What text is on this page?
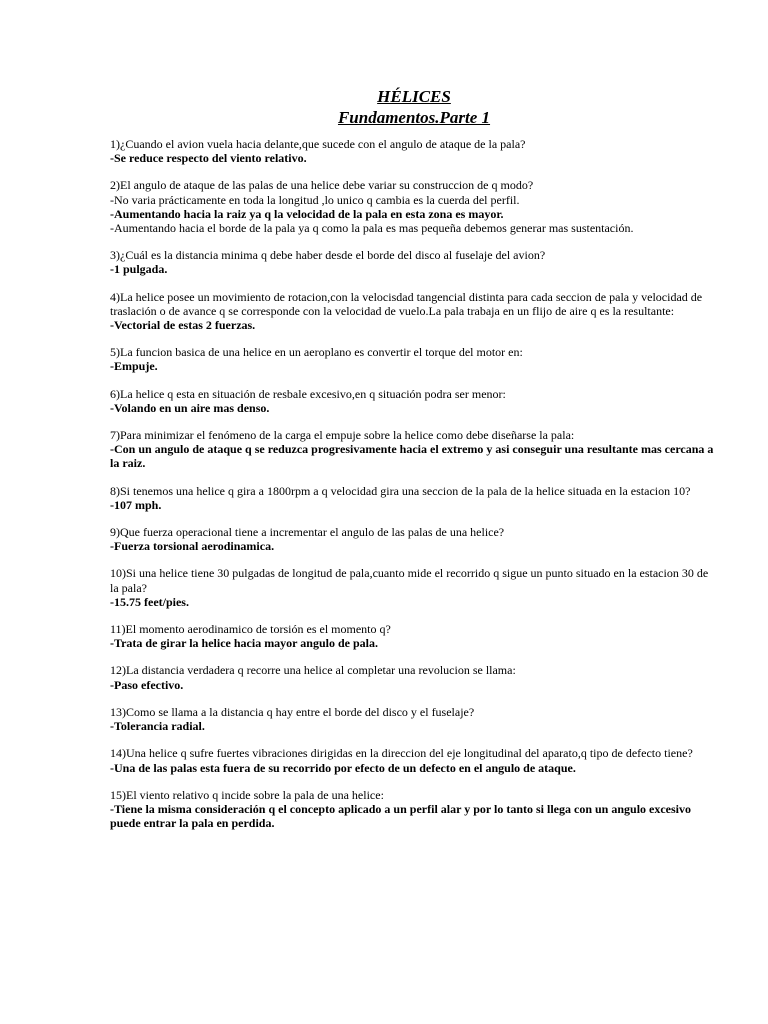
HÉLICES
Fundamentos.Parte 1

1)¿Cuando el avion vuela hacia delante,que sucede con el angulo de ataque de la pala?

-Se reduce respecto del viento relativo.

2)El angulo de ataque de las palas de una helice debe variar su construccion de q modo?

-No varia prácticamente en toda la longitud ,lo unico q cambia es la cuerda del perfil.

-Aumentando hacia la raiz ya q la velocidad de la pala en esta zona es mayor.

-Aumentando hacia el borde de la pala ya q como la pala es mas pequeña debemos generar mas sustentación.

3)¿Cuál es la distancia minima q debe haber desde el borde del disco al fuselaje del avion?

-1 pulgada.

4)La helice posee un movimiento de rotacion,con la velocisdad tangencial distinta para cada seccion de pala y velocidad de traslación o de avance q se corresponde con la velocidad de vuelo.La pala trabaja en un flijo de aire q es la resultante:

-Vectorial de estas 2 fuerzas.

5)La funcion basica de una helice en un aeroplano es convertir el torque del motor en:

-Empuje.

6)La helice q esta en situación de resbale excesivo,en q situación podra ser menor:

-Volando en un aire mas denso.

7)Para minimizar el fenómeno de la carga el empuje sobre la helice como debe diseñarse la pala:

-Con un angulo de ataque q se reduzca progresivamente hacia el extremo y asi conseguir una resultante mas cercana a la raiz.

8)Si tenemos una helice q gira a 1800rpm a q velocidad gira una seccion de la pala de la helice situada en la estacion 10?

-107 mph.

9)Que fuerza operacional tiene a incrementar el angulo de las palas de una helice?

-Fuerza torsional aerodinamica.

10)Si una helice tiene 30 pulgadas de longitud de pala,cuanto mide el recorrido q sigue un punto situado en la estacion 30 de la pala?

-15.75 feet/pies.

11)El momento aerodinamico de torsión es el momento q?

-Trata de girar la helice hacia mayor angulo de pala.

12)La distancia verdadera q recorre una helice al completar una revolucion se llama:

-Paso efectivo.

13)Como se llama a la distancia q hay entre el borde del disco y el fuselaje?

-Tolerancia radial.

14)Una helice q sufre fuertes vibraciones dirigidas en la direccion del eje longitudinal del aparato,q tipo de defecto tiene?

-Una de las palas esta fuera de su recorrido por efecto de un defecto en el angulo de ataque.

15)El viento relativo q incide sobre la pala de una helice:

-Tiene la misma consideración q el concepto aplicado a un perfil alar y por lo tanto si llega con un angulo excesivo puede entrar la pala en perdida.
